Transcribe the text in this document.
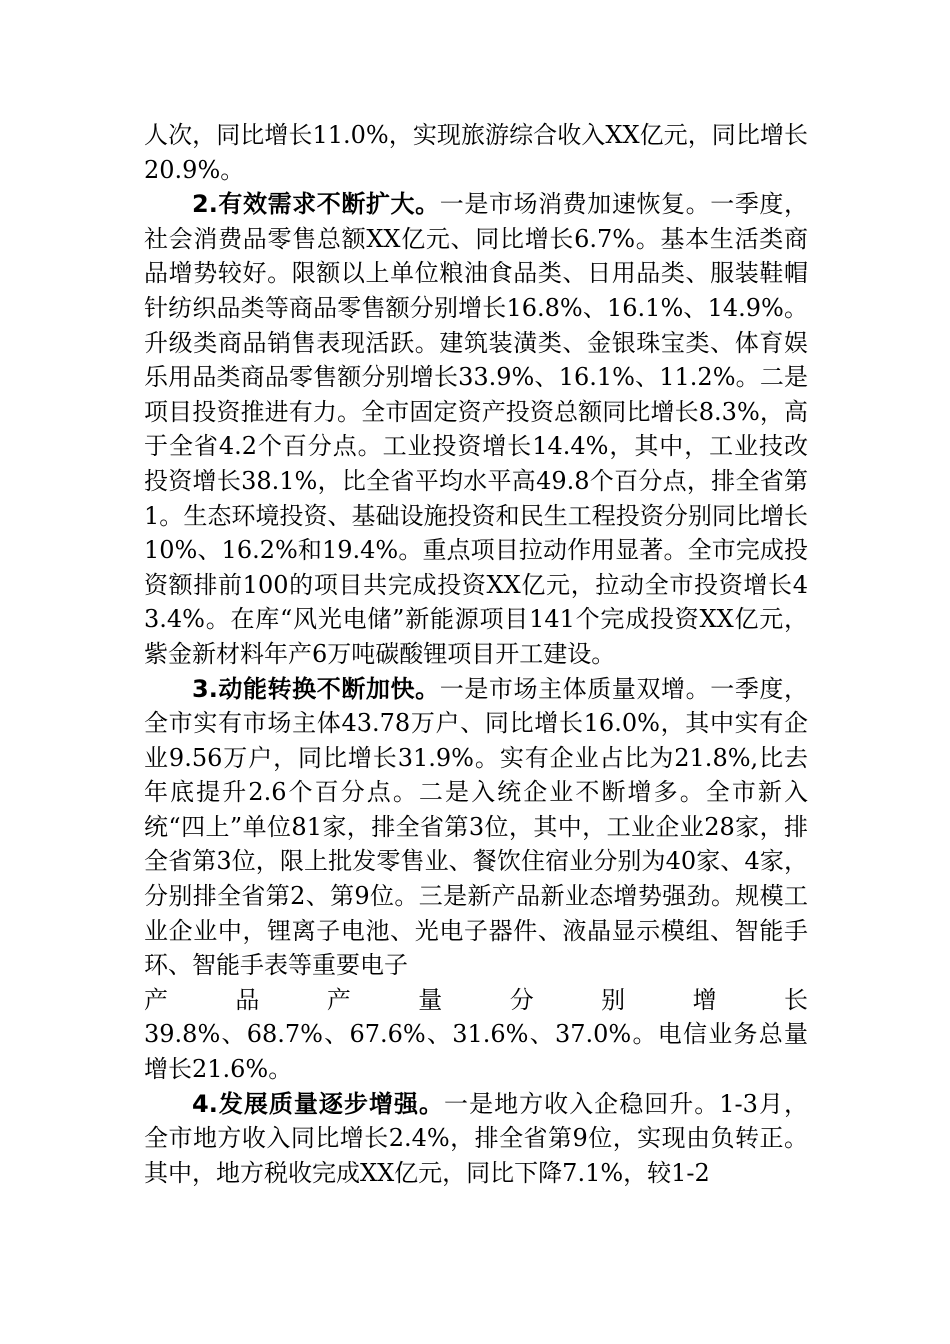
人次，同比增长11.0%，实现旅游综合收入XX亿元，同比增长20.9%。

2.有效需求不断扩大。一是市场消费加速恢复。一季度，社会消费品零售总额XX亿元、同比增长6.7%。基本生活类商品增势较好。限额以上单位粮油食品类、日用品类、服装鞋帽针纺织品类等商品零售额分别增长16.8%、16.1%、14.9%。升级类商品销售表现活跃。建筑装潢类、金银珠宝类、体育娱乐用品类商品零售额分别增长33.9%、16.1%、11.2%。二是项目投资推进有力。全市固定资产投资总额同比增长8.3%，高于全省4.2个百分点。工业投资增长14.4%，其中，工业技改投资增长38.1%，比全省平均水平高49.8个百分点，排全省第1。生态环境投资、基础设施投资和民生工程投资分别同比增长10%、16.2%和19.4%。重点项目拉动作用显著。全市完成投资额排前100的项目共完成投资XX亿元，拉动全市投资增长43.4%。在库“风光电储”新能源项目141个完成投资XX亿元，紫金新材料年产6万吨碳酸锂项目开工建设。

3.动能转换不断加快。一是市场主体质量双增。一季度，全市实有市场主体43.78万户、同比增长16.0%，其中实有企业9.56万户，同比增长31.9%。实有企业占比为21.8%,比去年底提升2.6个百分点。二是入统企业不断增多。全市新入统“四上”单位81家，排全省第3位，其中，工业企业28家，排全省第3位，限上批发零售业、餐饮住宿业分别为40家、4家，分别排全省第2、第9位。三是新产品新业态增势强劲。规模工业企业中，锂离子电池、光电子器件、液晶显示模组、智能手环、智能手表等重要电子

产品产量分别增长

39.8%、68.7%、67.6%、31.6%、37.0%。电信业务总量增长21.6%。

4.发展质量逐步增强。一是地方收入企稳回升。1-3月，全市地方收入同比增长2.4%，排全省第9位，实现由负转正。其中，地方税收完成XX亿元，同比下降7.1%，较1-2
